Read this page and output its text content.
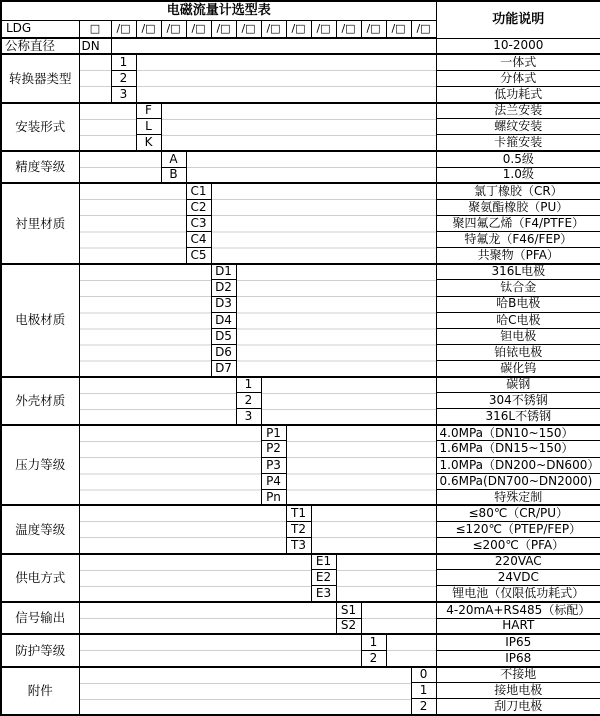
电磁流量计选型表															功能说明
LDG	□	/□	/□	/□	/□	/□	/□	/□	/□	/□	/□	/□	/□	/□	
公称直径	DN														10-2000
转换器类型		1													一体式
		2													分体式
		3													低功耗式
安装形式			F												法兰安装
			L												螺纹安装
			K												卡箍安装
精度等级				A											0.5级
				B											1.0级
衬里材质					C1										氯丁橡胶（CR）
					C2										聚氨酯橡胶（PU）
					C3										聚四氟乙烯（F4/PTFE）
					C4										特氟龙（F46/FEP）
					C5										共聚物（PFA）
电极材质						D1									316L电极
						D2									钛合金
						D3									哈B电极
						D4									哈C电极
						D5									钽电极
						D6									铂铱电极
						D7									碳化钨
外壳材质							1								碳钢
							2								304不锈钢
							3								316L不锈钢
压力等级								P1							4.0MPa（DN10~150）
								P2							1.6MPa（DN15~150）
								P3							1.0MPa（DN200~DN600）
								P4							0.6MPa(DN700~DN2000)
								Pn							特殊定制
温度等级									T1						≤80℃（CR/PU）
									T2						≤120℃（PTEP/FEP）
									T3						≤200℃（PFA）
供电方式										E1					220VAC
										E2					24VDC
										E3					锂电池（仅限低功耗式）
信号输出											S1				4-20mA+RS485（标配）
											S2				HART
防护等级												1			IP65
												2			IP68
附件														0	不接地
														1	接地电极
														2	刮刀电极
